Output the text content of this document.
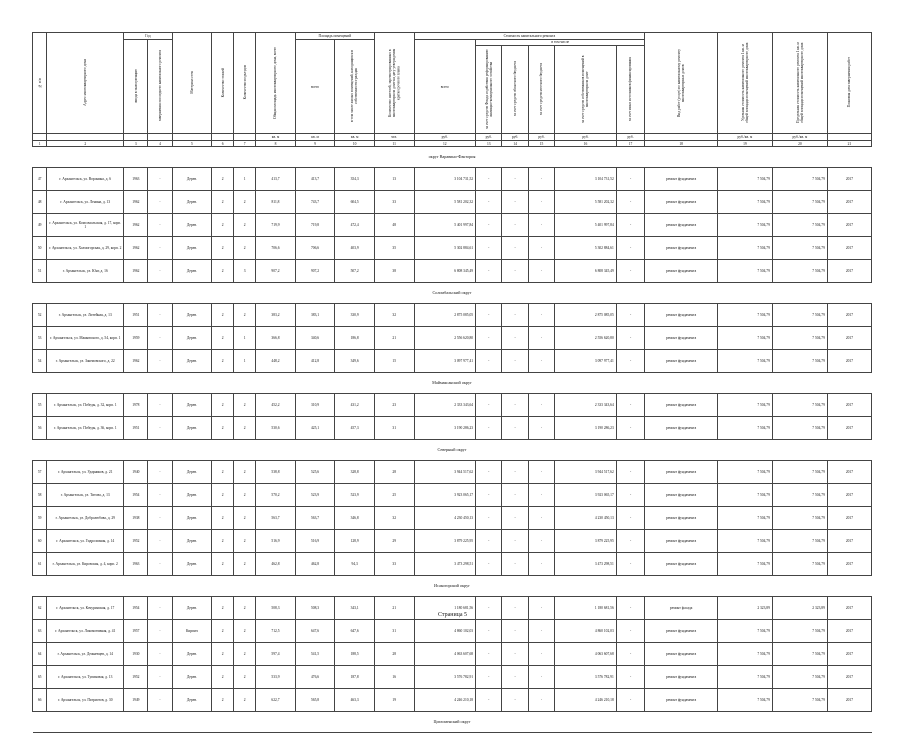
№ п/п	Адрес многоквартирного дома	Год		Материал стен	Количество этажей	Количество подъездов	Общая площадь многоквартирного дома, всего	Площадь помещений		Количество жителей, зарегистрированных в многоквартирном доме на дату утверждения краткосрочного плана	Стоимость капитального ремонта						Вид работ (услуг) по капитальному ремонту многоквартирных домов	Удельная стоимость капитального ремонта 1 кв. м общей площади помещений многоквартирного дома	Предельная стоимость капитального ремонта 1 кв. м общей площади помещений многоквартирного дома	Плановая дата завершения работ
		ввода в эксплуатацию	завершения последнего капитального ремонта					всего	в том числе жилых помещений, находящихся в собственности граждан		всего	в том числе								
												за счет средств Фонда содействия реформированию жилищно-коммунального хозяйства	за счет средств областного бюджета	за счет средств местного бюджета	за счет средств собственников помещений в многоквартирном доме	за счет иных источников финансирования				
							кв. м	кв. м	кв. м	чел.	руб.	руб.	руб.	руб.	руб.	руб.		руб./кв. м	руб./кв. м	
1	2	3	4	5	6	7	8	9	10	11	12	13	14	15	16	17	18	19	20	21
округ Варавино-Фактория																				
47	г. Архангельск, ул. Воронина, д. 6	1963	-	Дерев.	2	1	413,7	413,7	354,3	13	3 104 731,52	-	-	-	3 104 731,52	-	ремонт фундамента	7 504,79	7 504,79	2017
48	г. Архангельск, ул. Ленина, д. 13	1962	-	Дерев.	2	2	811,8	743,7	604,5	33	5 581 202,32	-	-	-	5 581 202,32	-	ремонт фундамента	7 504,79	7 504,79	2017
49	г. Архангельск, ул. Комсомольская, д. 17, корп. 1	1962	-	Дерев.	2	2	719,9	719,8	472,4	48	5 401 997,84	-	-	-	5 401 997,84	-	ремонт фундамента	7 504,79	7 504,79	2017
50	г. Архангельск, ул. Холмогорская, д. 29, корп. 2	1962	-	Дерев.	2	2	706,6	706,6	403,9	35	5 302 884,61	-	-	-	5 302 884,61	-	ремонт фундамента	7 504,79	7 504,79	2017
51	г. Архангельск, ул. Юнг, д. 16	1962	-	Дерев.	2	3	907,2	907,2	507,2	38	6 808 345,49	-	-	-	6 808 345,49	-	ремонт фундамента	7 504,79	7 504,79	2017
Соломбальский округ																				
52	г. Архангельск, ул. Литейная, д. 13	1951	-	Дерев.	2	2	383,2	383,1	330,9	32	2 875 085,05	-	-	-	2 875 085,05	-	ремонт фундамента	7 504,79	7 504,79	2017
53	г. Архангельск, ул. Маяковского, д. 54, корп. 1	1959	-	Дерев.	2	1	366,8	340,6	186,8	21	2 556 620,80	-	-	-	2 556 620,80	-	ремонт фундамента	7 504,79	7 504,79	2017
54	г. Архангельск, ул. Закемовского, д. 22	1962	-	Дерев.	2	1	448,2	412,8	349,6	15	3 097 977,41	-	-	-	3 097 977,41	-	ремонт фундамента	7 504,79	7 504,79	2017
Маймаксанский округ																				
55	г. Архангельск, ул. Победы, д. 32, корп. 1	1978	-	Дерев.	2	2	452,2	310,9	431,2	23	2 333 343,64	-	-	-	2 333 343,64	-	ремонт фундамента	7 504,79	7 504,79	2017
56	г. Архангельск, ул. Победы, д. 36, корп. 1	1951	-	Дерев.	2	2	530,6	425,1	457,3	31	3 190 286,23	-	-	-	3 190 286,23	-	ремонт фундамента	7 504,79	7 504,79	2017
Северный округ																				
57	г. Архангельск, ул. Ударников, д. 21	1940	-	Дерев.	2	2	538,8	525,6	328,8	28	3 944 517,62	-	-	-	3 944 517,62	-	ремонт фундамента	7 504,79	7 504,79	2017
58	г. Архангельск, ул. Титова, д. 13	1954	-	Дерев.	2	2	570,2	523,9	523,9	25	3 923 065,17	-	-	-	3 923 065,17	-	ремонт фундамента	7 504,79	7 504,79	2017
59	г. Архангельск, ул. Добролюбова, д. 29	1938	-	Дерев.	2	2	563,7	563,7	346,8	32	4 230 450,13	-	-	-	4 230 450,13	-	ремонт фундамента	7 504,79	7 504,79	2017
60	г. Архангельск, ул. Гидролизная, д. 14	1952	-	Дерев.	2	2	516,9	516,9	128,9	29	3 879 225,95	-	-	-	3 879 225,95	-	ремонт фундамента	7 504,79	7 504,79	2017
61	г. Архангельск, ул. Кировская, д. 4, корп. 2	1963	-	Дерев.	2	2	462,8	462,8	94,3	33	3 473 298,51	-	-	-	3 473 298,51	-	ремонт фундамента	7 504,79	7 504,79	2017
Исакогорский округ																				
62	г. Архангельск, ул. Кочуринская, д. 17	1954	-	Дерев.	2	2	508,3	508,3	343,1	21	1 180 681,56	-	-	-	1 180 681,56	-	ремонт фасада	2 323,89	2 323,89	2017
63	г. Архангельск, ул. Локомотивная, д. 41	1957	-	Кирпич	2	2	712,5	647,6	647,6	31	4 860 102,03	-	-	-	4 860 102,03	-	ремонт фундамента	7 504,79	7 504,79	2017
64	г. Архангельск, ул. Дежневцев, д. 14	1930	-	Дерев.	2	2	597,4	541,5	188,5	28	4 063 607,68	-	-	-	4 063 607,68	-	ремонт фундамента	7 504,79	7 504,79	2017
65	г. Архангельск, ул. Тупиковая, д. 13	1952	-	Дерев.	2	2	533,9	476,6	187,8	16	3 576 782,91	-	-	-	3 576 782,91	-	ремонт фундамента	7 504,79	7 504,79	2017
66	г. Архангельск, ул. Патриотов, д. 30	1949	-	Дерев.	2	2	622,7	565,8	463,3	19	4 246 210,18	-	-	-	4 246 210,18	-	ремонт фундамента	7 504,79	7 504,79	2017
Цигломенский округ																				
Страница 5
